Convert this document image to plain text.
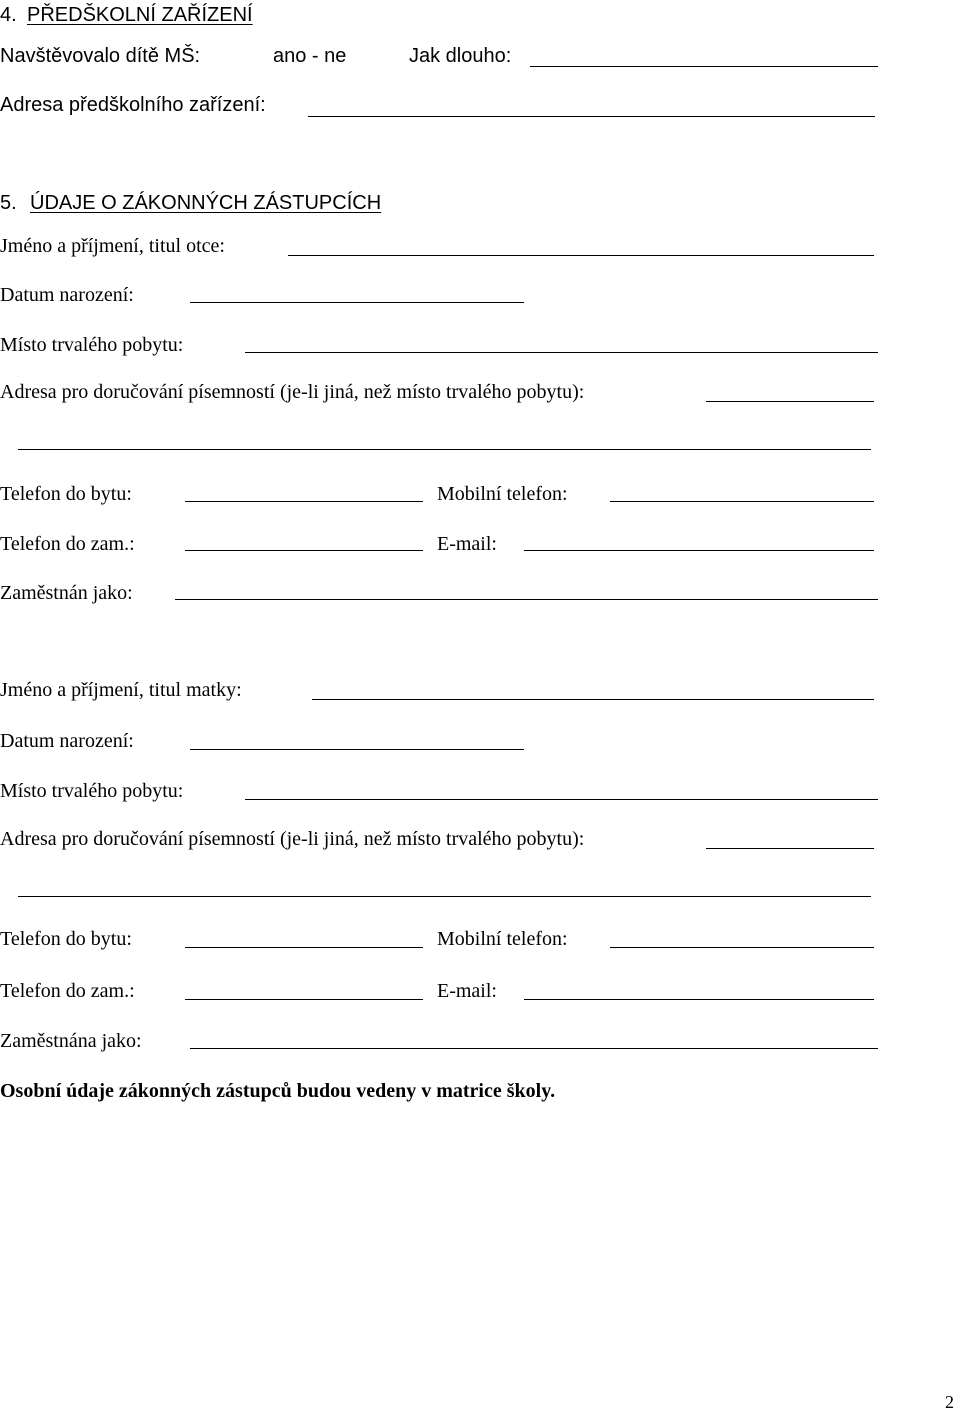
4. PŘEDŠKOLNÍ ZAŘÍZENÍ
Navštěvovalo dítě MŠ:	ano - ne	Jak dlouho:
Adresa předškolního zařízení:
5. ÚDAJE O ZÁKONNÝCH ZÁSTUPCÍCH
Jméno a příjmení, titul otce:
Datum narození:
Místo trvalého pobytu:
Adresa pro doručování písemností (je-li jiná, než místo trvalého pobytu):
Telefon do bytu:	Mobilní telefon:
Telefon do zam.:	E-mail:
Zaměstnán jako:
Jméno a příjmení, titul matky:
Datum narození:
Místo trvalého pobytu:
Adresa pro doručování písemností (je-li jiná, než místo trvalého pobytu):
Telefon do bytu:	Mobilní telefon:
Telefon do zam.:	E-mail:
Zaměstnána jako:
Osobní údaje zákonných zástupců budou vedeny v matrice školy.
2
